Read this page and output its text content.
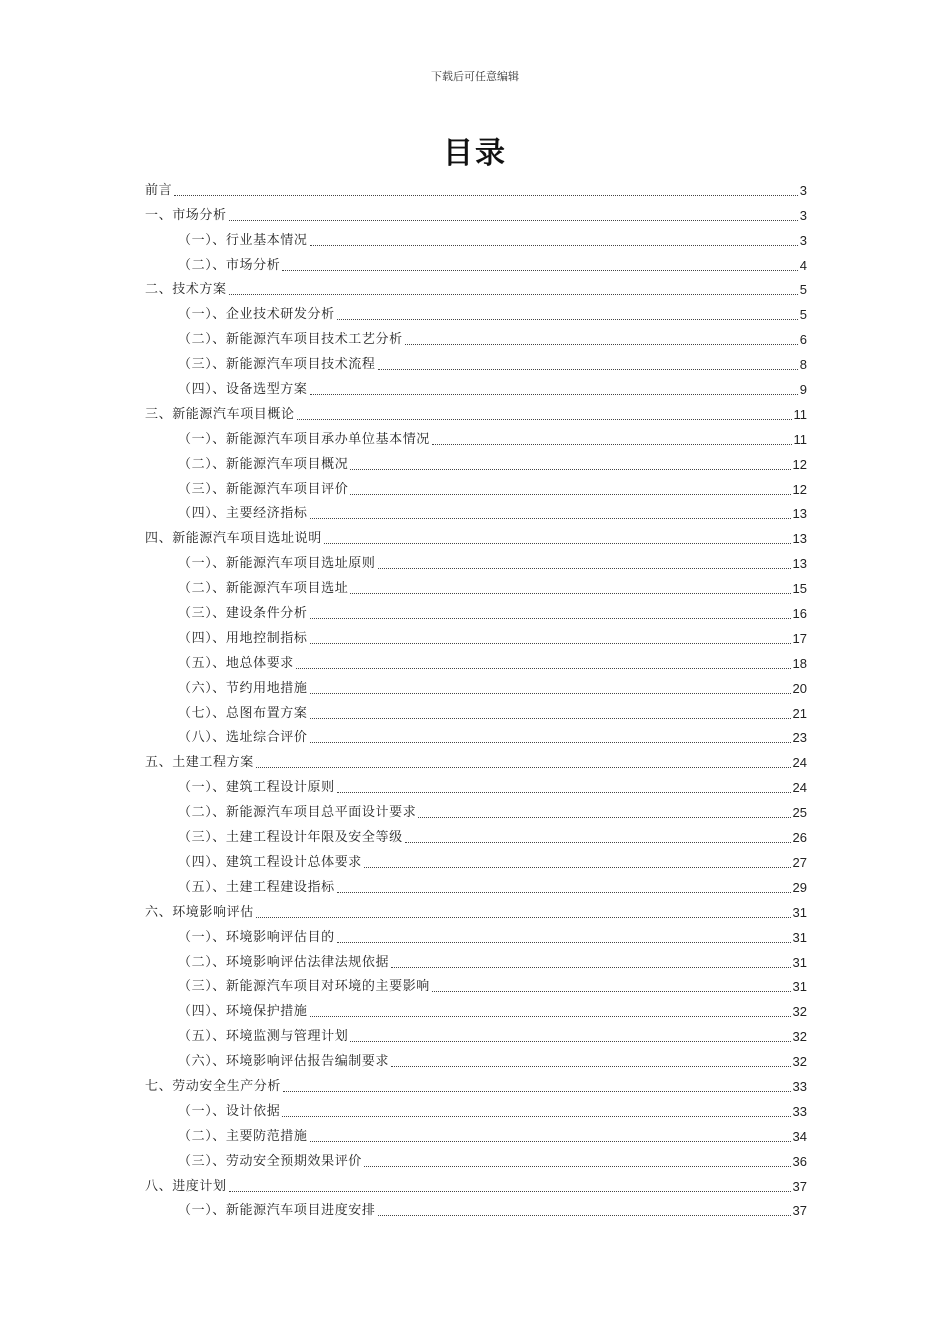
下载后可任意编辑
目录
前言	3
一、市场分析	3
（一）、行业基本情况	3
（二）、市场分析	4
二、技术方案	5
（一）、企业技术研发分析	5
（二）、新能源汽车项目技术工艺分析	6
（三）、新能源汽车项目技术流程	8
（四）、设备选型方案	9
三、新能源汽车项目概论	11
（一）、新能源汽车项目承办单位基本情况	11
（二）、新能源汽车项目概况	12
（三）、新能源汽车项目评价	12
（四）、主要经济指标	13
四、新能源汽车项目选址说明	13
（一）、新能源汽车项目选址原则	13
（二）、新能源汽车项目选址	15
（三）、建设条件分析	16
（四）、用地控制指标	17
（五）、地总体要求	18
（六）、节约用地措施	20
（七）、总图布置方案	21
（八）、选址综合评价	23
五、土建工程方案	24
（一）、建筑工程设计原则	24
（二）、新能源汽车项目总平面设计要求	25
（三）、土建工程设计年限及安全等级	26
（四）、建筑工程设计总体要求	27
（五）、土建工程建设指标	29
六、环境影响评估	31
（一）、环境影响评估目的	31
（二）、环境影响评估法律法规依据	31
（三）、新能源汽车项目对环境的主要影响	31
（四）、环境保护措施	32
（五）、环境监测与管理计划	32
（六）、环境影响评估报告编制要求	32
七、劳动安全生产分析	33
（一）、设计依据	33
（二）、主要防范措施	34
（三）、劳动安全预期效果评价	36
八、进度计划	37
（一）、新能源汽车项目进度安排	37
